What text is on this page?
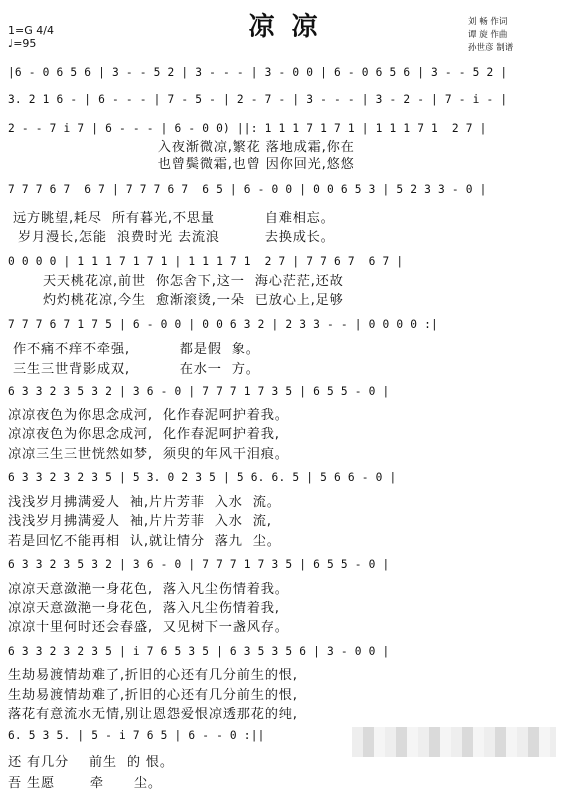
凉 凉
1=G 4/4
♩=95
刘 畅 作词
谭 旋 作曲
孙世彦 制谱
|6 - 0 6 5 6 | 3 - - 5 2 | 3 - - - | 3 - 0 0 | 6 - 0 6 5 6 | 3 - - 5 2 |
3. 2 1 6 - | 6 - - - | 7 - 5 - | 2 - 7 - | 3 - - - | 3 - 2 - | 7 - i - |
2 - - 7 i 7 | 6 - - - | 6 - 0 0) ||: 1 1 1 7 1 7 1 | 1 1 1 7 1  2 7 |
入夜渐微凉,繁花 落地成霜,你在
也曾鬓微霜,也曾 因你回光,悠悠
7 7 7 6 7  6 7 | 7 7 7 6 7  6 5 | 6 - 0 0 | 0 0 6 5 3 | 5 2 3 3 - 0 |
远方眺望,耗尽  所有暮光,不思量          自难相忘。
岁月漫长,怎能  浪费时光 去流浪         去换成长。
0 0 0 0 | 1 1 1 7 1 7 1 | 1 1 1 7 1  2 7 | 7 7 6 7  6 7 |
天天桃花凉,前世  你怎舍下,这一  海心茫茫,还故
灼灼桃花凉,今生  愈渐滚烫,一朵  已放心上,足够
7 7 7 6 7 1 7 5 | 6 - 0 0 | 0 0 6 3 2 | 2 3 3 - - | 0 0 0 0 :|
作不痛不痒不牵强,          都是假  象。
三生三世背影成双,          在水一  方。
6 3 3 2 3 5 3 2 | 3 6 - 0 | 7 7 7 1 7 3 5 | 6 5 5 - 0 |
凉凉夜色为你思念成河,  化作春泥呵护着我。
凉凉夜色为你思念成河,  化作春泥呵护着我,
凉凉三生三世恍然如梦,  须臾的年风干泪痕。
6 3 3 2 3 2 3 5 | 5 3. 0 2 3 5 | 5 6. 6. 5 | 5 6 6 - 0 |
浅浅岁月拂满爱人  袖,片片芳菲  入水  流。
浅浅岁月拂满爱人  袖,片片芳菲  入水  流,
若是回忆不能再相  认,就让情分  落九  尘。
6 3 3 2 3 5 3 2 | 3 6 - 0 | 7 7 7 1 7 3 5 | 6 5 5 - 0 |
凉凉天意潋滟一身花色,  落入凡尘伤情着我。
凉凉天意潋滟一身花色,  落入凡尘伤情着我,
凉凉十里何时还会春盛,  又见树下一盏风存。
6 3 3 2 3 2 3 5 | i 7 6 5 3 5 | 6 3 5 3 5 6 | 3 - 0 0 |
生劫易渡情劫难了,折旧的心还有几分前生的恨,
生劫易渡情劫难了,折旧的心还有几分前生的恨,
落花有意流水无情,别让恩怨爱恨凉透那花的纯,
6. 5 3 5. | 5 - i 7 6 5 | 6 - - 0 :||
还 有几分    前生  的 恨。
吾 生愿       牵      尘。
